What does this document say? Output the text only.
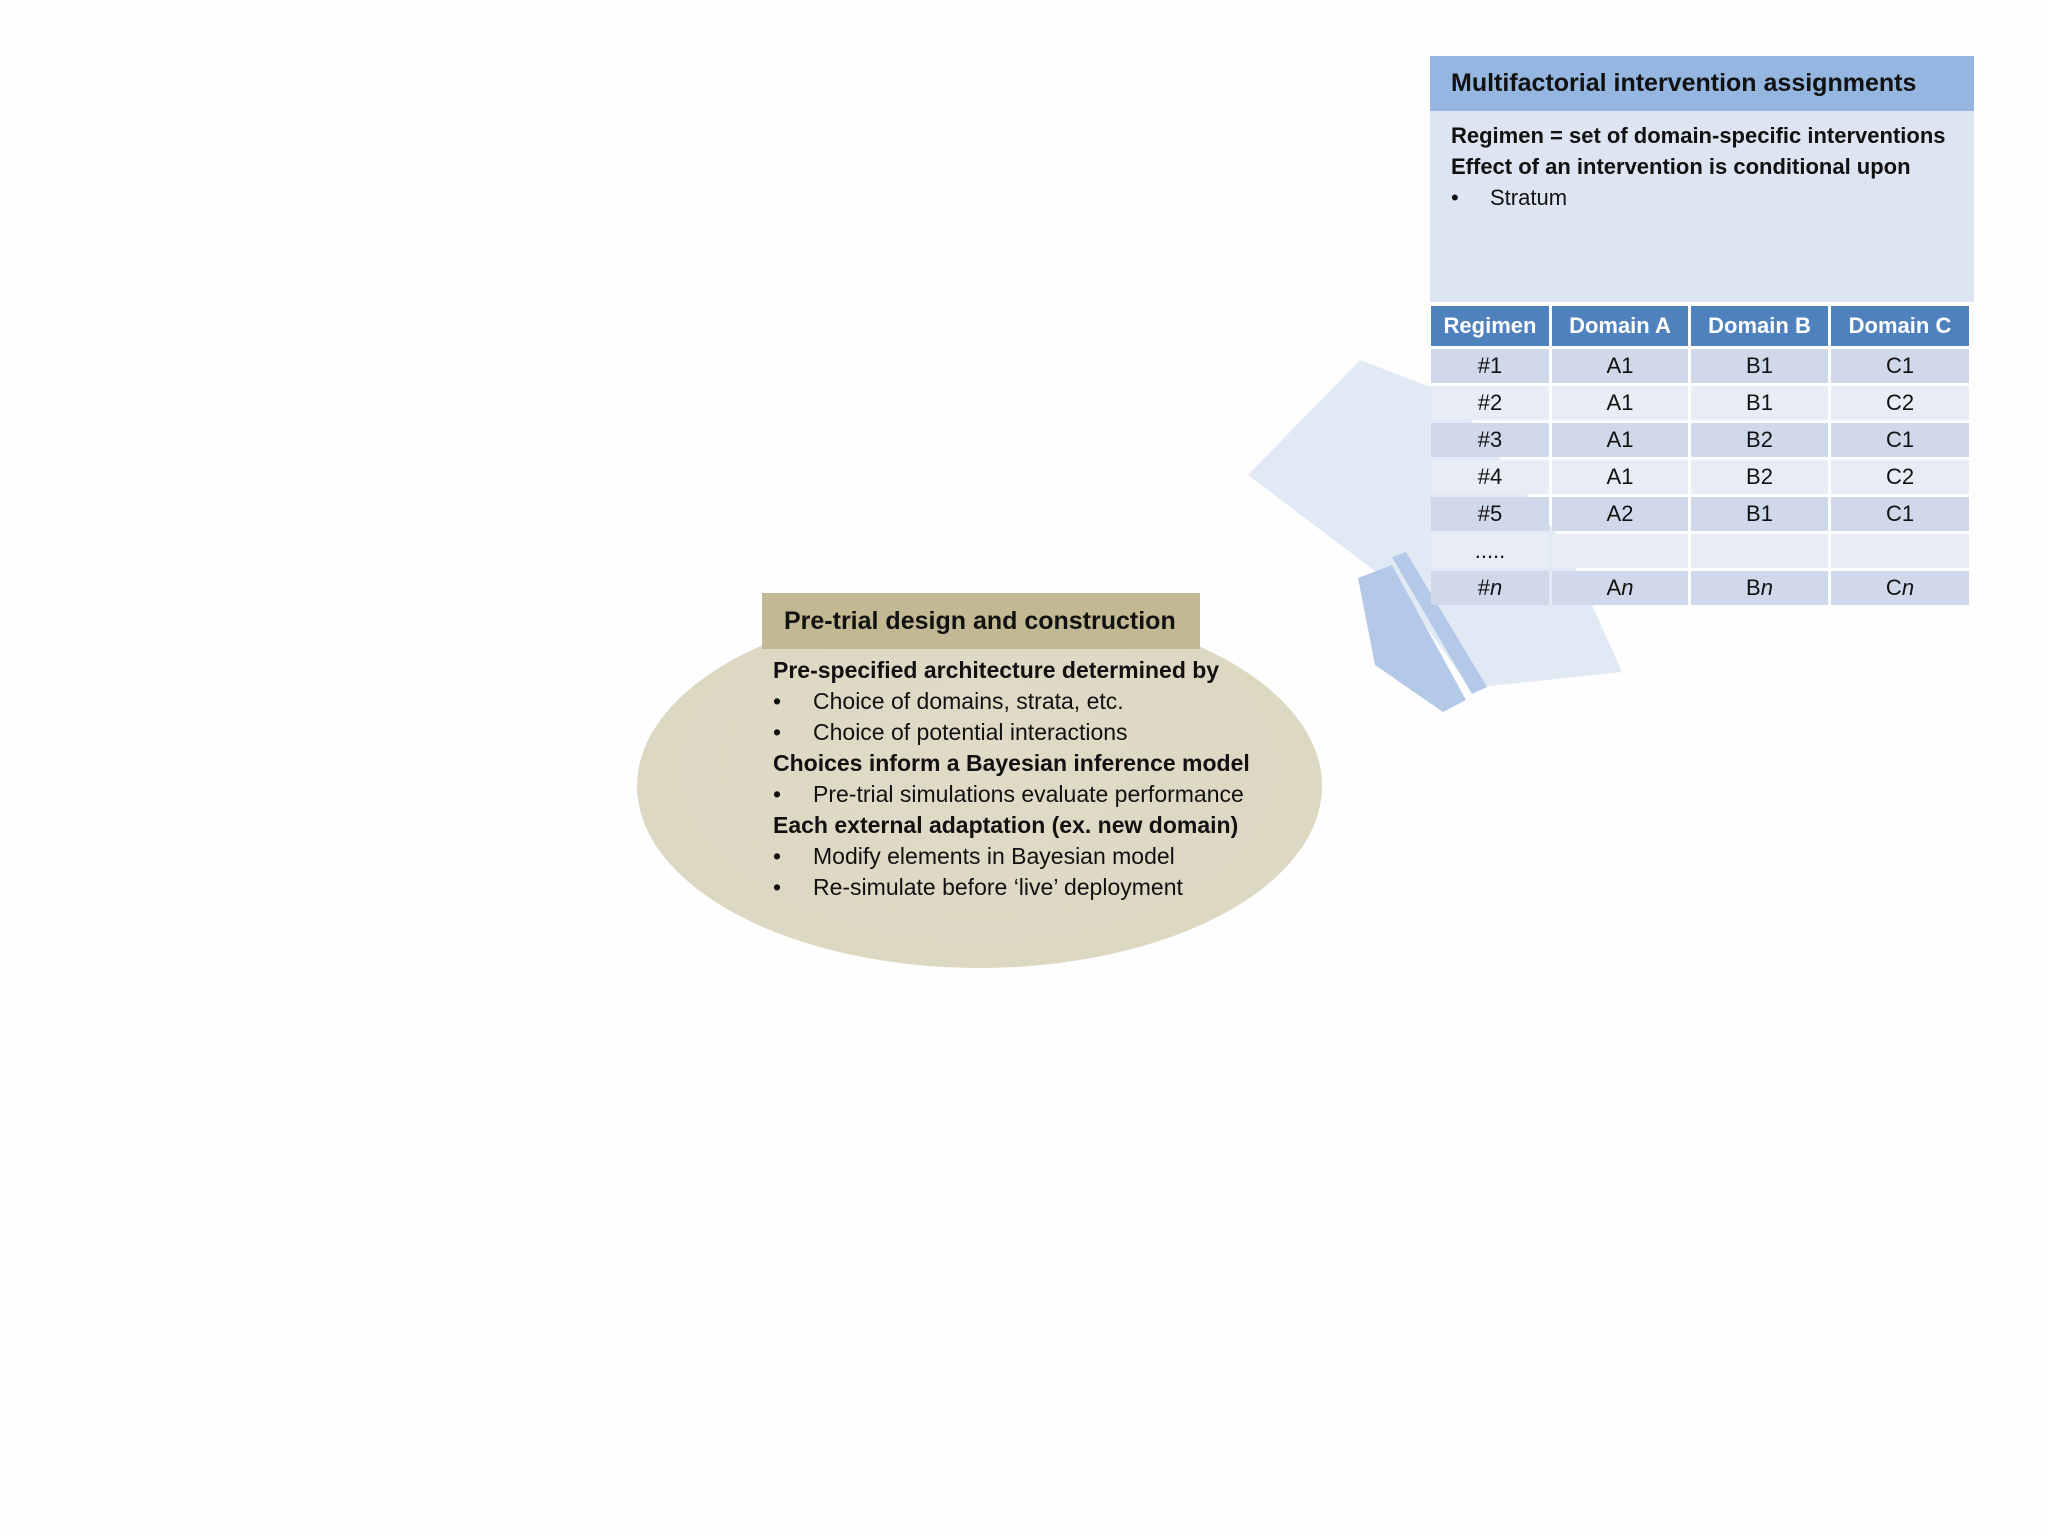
Pre-trial design and construction
Pre-specified architecture determined by
• Choice of domains, strata, etc.
• Choice of potential interactions
Choices inform a Bayesian inference model
• Pre-trial simulations evaluate performance
Each external adaptation (ex. new domain)
• Modify elements in Bayesian model
• Re-simulate before ‘live’ deployment
Multifactorial intervention assignments
Regimen = set of domain-specific interventions
Effect of an intervention is conditional upon
• Stratum
Regimen	Domain A	Domain B	Domain C
#1	A1	B1	C1
#2	A1	B1	C2
#3	A1	B2	C1
#4	A1	B2	C2
#5	A2	B1	C1
.....			
#n	An	Bn	Cn
